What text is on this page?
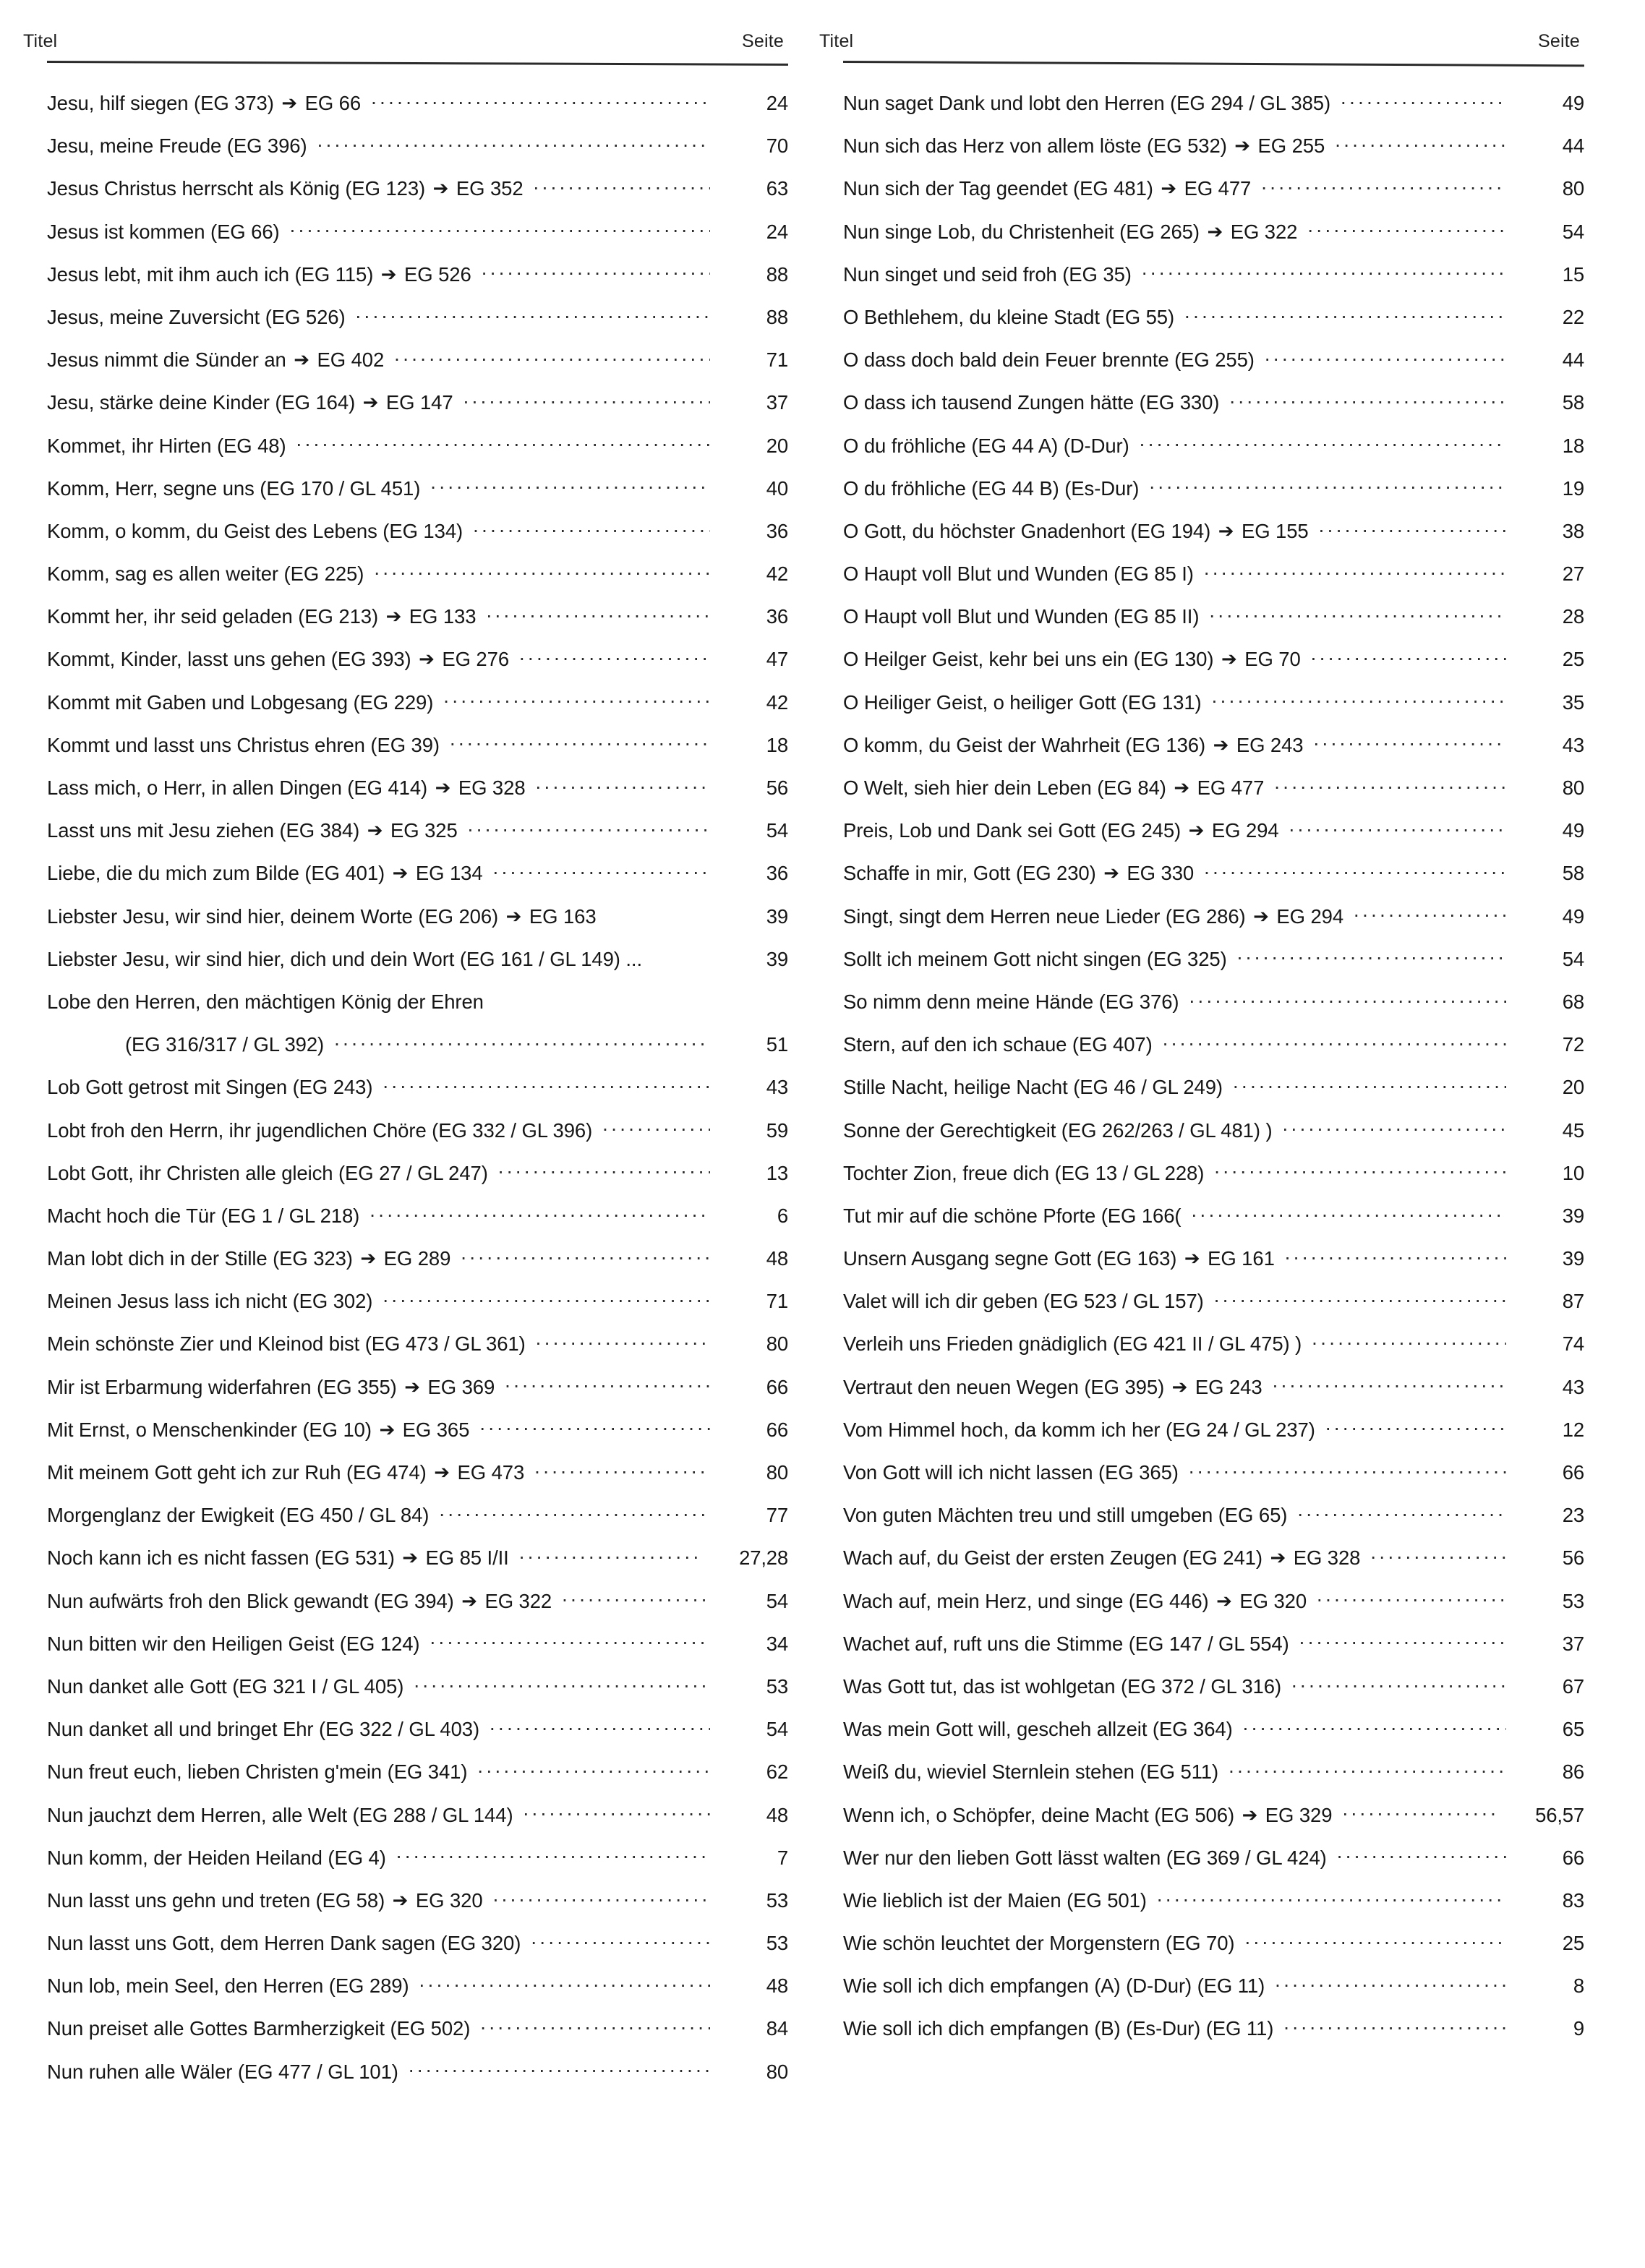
Titel	Seite
Jesu, hilf siegen (EG 373) ➔ EG 66 .....	24
Jesu, meine Freude (EG 396) .....	70
Jesus Christus herrscht als König (EG 123) ➔ EG 352 .....	63
Jesus ist kommen (EG 66) .....	24
Jesus lebt, mit ihm auch ich (EG 115) ➔ EG 526 .....	88
Jesus, meine Zuversicht (EG 526) .....	88
Jesus nimmt die Sünder an ➔ EG 402 .....	71
Jesu, stärke deine Kinder (EG 164) ➔ EG 147 .....	37
Kommet, ihr Hirten (EG 48) .....	20
Komm, Herr, segne uns (EG 170 / GL 451) .....	40
Komm, o komm, du Geist des Lebens (EG 134) .....	36
Komm, sag es allen weiter (EG 225) .....	42
Kommt her, ihr seid geladen (EG 213) ➔ EG 133 .....	36
Kommt, Kinder, lasst uns gehen (EG 393) ➔ EG 276 .....	47
Kommt mit Gaben und Lobgesang (EG 229) .....	42
Kommt und lasst uns Christus ehren (EG 39) .....	18
Lass mich, o Herr, in allen Dingen (EG 414) ➔ EG 328 .....	56
Lasst uns mit Jesu ziehen (EG 384) ➔ EG 325 .....	54
Liebe, die du mich zum Bilde (EG 401) ➔ EG 134 .....	36
Liebster Jesu, wir sind hier, deinem Worte (EG 206) ➔ EG 163	39
Liebster Jesu, wir sind hier, dich und dein Wort (EG 161 / GL 149) ...	39
Lobe den Herren, den mächtigen König der Ehren
(EG 316/317 / GL 392) .....	51
Lob Gott getrost mit Singen (EG 243) .....	43
Lobt froh den Herrn, ihr jugendlichen Chöre (EG 332 / GL 396) .....	59
Lobt Gott, ihr Christen alle gleich (EG 27 / GL 247) .....	13
Macht hoch die Tür (EG 1 / GL 218) .....	6
Man lobt dich in der Stille (EG 323) ➔ EG 289 .....	48
Meinen Jesus lass ich nicht (EG 302) .....	71
Mein schönste Zier und Kleinod bist (EG 473 / GL 361) .....	80
Mir ist Erbarmung widerfahren (EG 355) ➔ EG 369 .....	66
Mit Ernst, o Menschenkinder (EG 10) ➔ EG 365 .....	66
Mit meinem Gott geht ich zur Ruh (EG 474) ➔ EG 473 .....	80
Morgenglanz der Ewigkeit (EG 450 / GL 84) .....	77
Noch kann ich es nicht fassen (EG 531) ➔ EG 85 I/II .....	27,28
Nun aufwärts froh den Blick gewandt (EG 394) ➔ EG 322 .....	54
Nun bitten wir den Heiligen Geist (EG 124) .....	34
Nun danket alle Gott (EG 321 I / GL 405) .....	53
Nun danket all und bringet Ehr (EG 322 / GL 403) .....	54
Nun freut euch, lieben Christen g'mein (EG 341) .....	62
Nun jauchzt dem Herren, alle Welt (EG 288 / GL 144) .....	48
Nun komm, der Heiden Heiland (EG 4) .....	7
Nun lasst uns gehn und treten (EG 58) ➔ EG 320 .....	53
Nun lasst uns Gott, dem Herren Dank sagen (EG 320) .....	53
Nun lob, mein Seel, den Herren (EG 289) .....	48
Nun preiset alle Gottes Barmherzigkeit (EG 502) .....	84
Nun ruhen alle Wäler (EG 477 / GL 101) .....	80
Titel	Seite
Nun saget Dank und lobt den Herren (EG 294 / GL 385) .....	49
Nun sich das Herz von allem löste (EG 532) ➔ EG 255 .....	44
Nun sich der Tag geendet (EG 481) ➔ EG 477 .....	80
Nun singe Lob, du Christenheit (EG 265) ➔ EG 322 .....	54
Nun singet und seid froh (EG 35) .....	15
O Bethlehem, du kleine Stadt (EG 55) .....	22
O dass doch bald dein Feuer brennte (EG 255) .....	44
O dass ich tausend Zungen hätte (EG 330) .....	58
O du fröhliche (EG 44 A) (D-Dur) .....	18
O du fröhliche (EG 44 B) (Es-Dur) .....	19
O Gott, du höchster Gnadenhort (EG 194) ➔ EG 155 .....	38
O Haupt voll Blut und Wunden (EG 85 I) .....	27
O Haupt voll Blut und Wunden (EG 85 II) .....	28
O Heilger Geist, kehr bei uns ein (EG 130) ➔ EG 70 .....	25
O Heiliger Geist, o heiliger Gott (EG 131) .....	35
O komm, du Geist der Wahrheit (EG 136) ➔ EG 243 .....	43
O Welt, sieh hier dein Leben (EG 84) ➔ EG 477 .....	80
Preis, Lob und Dank sei Gott (EG 245) ➔ EG 294 .....	49
Schaffe in mir, Gott (EG 230) ➔ EG 330 .....	58
Singt, singt dem Herren neue Lieder (EG 286) ➔ EG 294 .....	49
Sollt ich meinem Gott nicht singen (EG 325) .....	54
So nimm denn meine Hände (EG 376) .....	68
Stern, auf den ich schaue (EG 407) .....	72
Stille Nacht, heilige Nacht (EG 46 / GL 249) .....	20
Sonne der Gerechtigkeit (EG 262/263 / GL 481) ) .....	45
Tochter Zion, freue dich (EG 13 / GL 228) .....	10
Tut mir auf die schöne Pforte (EG 166( .....	39
Unsern Ausgang segne Gott (EG 163) ➔ EG 161 .....	39
Valet will ich dir geben (EG 523 / GL 157) .....	87
Verleih uns Frieden gnädiglich (EG 421 II / GL 475) ) .....	74
Vertraut den neuen Wegen (EG 395) ➔ EG 243 .....	43
Vom Himmel hoch, da komm ich her (EG 24 / GL 237) .....	12
Von Gott will ich nicht lassen (EG 365) .....	66
Von guten Mächten treu und still umgeben (EG 65) .....	23
Wach auf, du Geist der ersten Zeugen (EG 241) ➔ EG 328 .....	56
Wach auf, mein Herz, und singe (EG 446) ➔ EG 320 .....	53
Wachet auf, ruft uns die Stimme (EG 147 / GL 554) .....	37
Was Gott tut, das ist wohlgetan (EG 372 / GL 316) .....	67
Was mein Gott will, gescheh allzeit (EG 364) .....	65
Weiß du, wieviel Sternlein stehen (EG 511) .....	86
Wenn ich, o Schöpfer, deine Macht (EG 506) ➔ EG 329 .....	56,57
Wer nur den lieben Gott lässt walten (EG 369 / GL 424) .....	66
Wie lieblich ist der Maien (EG 501) .....	83
Wie schön leuchtet der Morgenstern (EG 70) .....	25
Wie soll ich dich empfangen (A) (D-Dur) (EG 11) .....	8
Wie soll ich dich empfangen (B) (Es-Dur) (EG 11) .....	9
